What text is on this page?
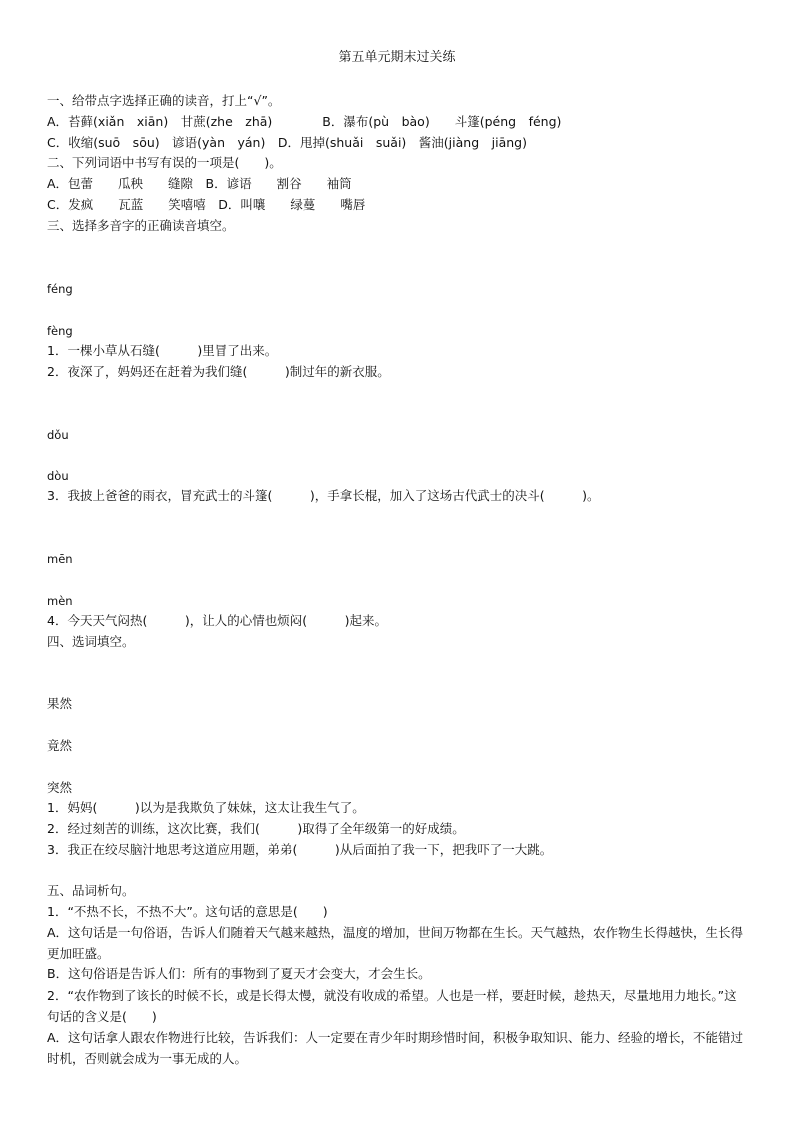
第五单元期末过关练
一、给带点字选择正确的读音，打上“√”。
A．苔藓(xiǎn　xiān)　甘蔗(zhe　zhā)　　　　B．瀑布(pù　bào)　　斗篷(péng　féng)
C．收缩(suō　sōu)　谚语(yàn　yán)　D．甩掉(shuǎi　suǎi)　酱油(jiàng　jiāng)
二、下列词语中书写有误的一项是(　　)。
A．包蕾　　瓜秧　　缝隙　B．谚语　　割谷　　袖筒
C．发疯　　瓦蓝　　笑嘻嘻　D．叫嚷　　绿蔓　　嘴唇
三、选择多音字的正确读音填空。
féng
fèng
1．一棵小草从石缝(　　　)里冒了出来。
2．夜深了，妈妈还在赶着为我们缝(　　　)制过年的新衣服。
dǒu
dòu
3．我披上爸爸的雨衣，冒充武士的斗篷(　　　)，手拿长棍，加入了这场古代武士的决斗(　　　)。
mēn
mèn
4．今天天气闷热(　　　)，让人的心情也烦闷(　　　)起来。
四、选词填空。
果然
竟然
突然
1．妈妈(　　　)以为是我欺负了妹妹，这太让我生气了。
2．经过刻苦的训练，这次比赛，我们(　　　)取得了全年级第一的好成绩。
3．我正在绞尽脑汁地思考这道应用题，弟弟(　　　)从后面拍了我一下，把我吓了一大跳。
五、品词析句。
1．“不热不长，不热不大”。这句话的意思是(　　)
A．这句话是一句俗语，告诉人们随着天气越来越热，温度的增加，世间万物都在生长。天气越热，农作物生长得越快，生长得更加旺盛。
B．这句俗语是告诉人们：所有的事物到了夏天才会变大，才会生长。
2．“农作物到了该长的时候不长，或是长得太慢，就没有收成的希望。人也是一样，要赶时候，趁热天，尽量地用力地长。”这句话的含义是(　　)
A．这句话拿人跟农作物进行比较，告诉我们：人一定要在青少年时期珍惜时间，积极争取知识、能力、经验的增长，不能错过时机，否则就会成为一事无成的人。
